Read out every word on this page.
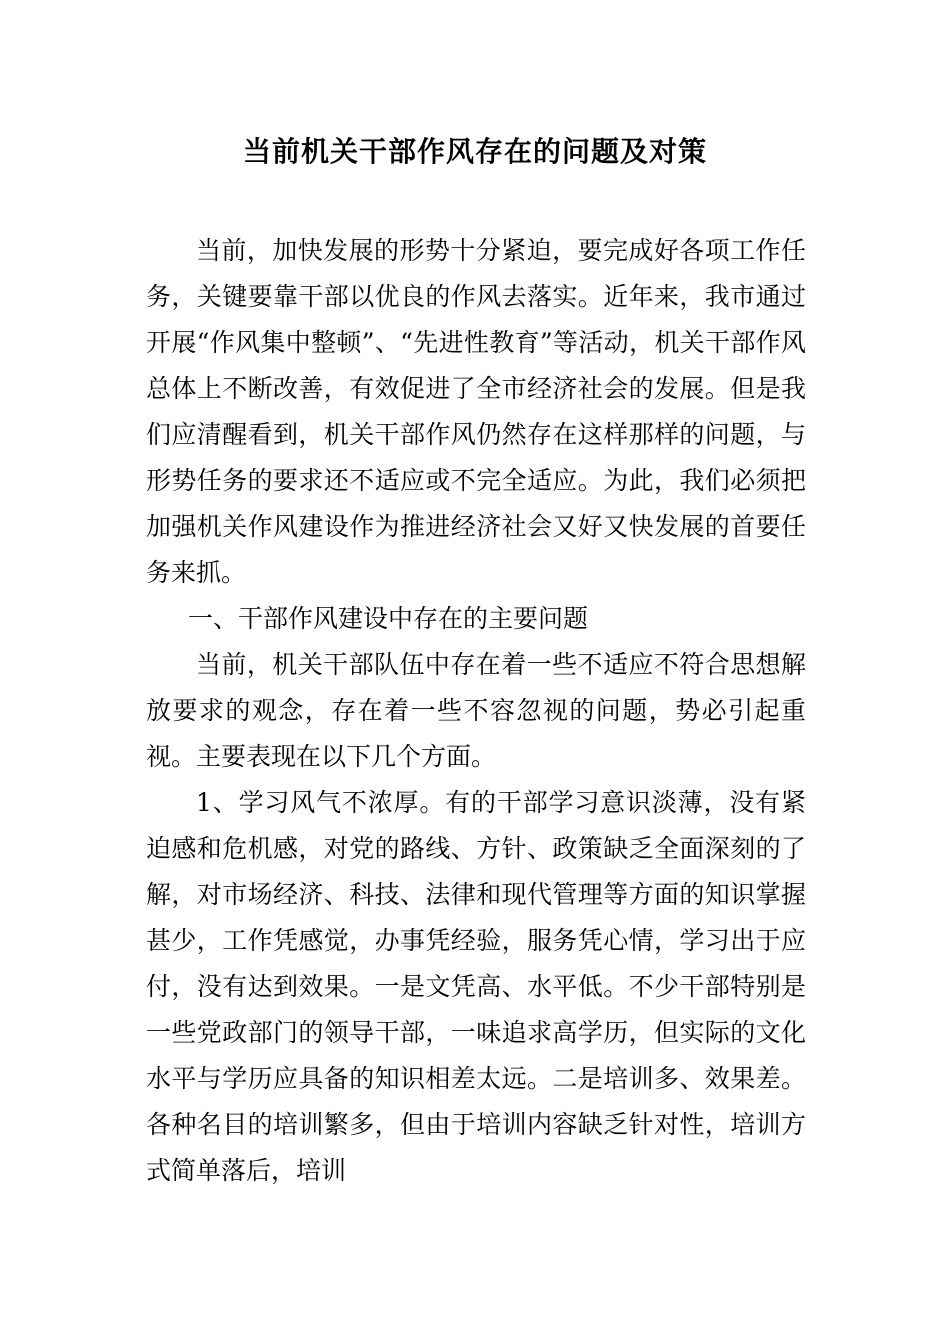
当前机关干部作风存在的问题及对策

当前，加快发展的形势十分紧迫，要完成好各项工作任务，关键要靠干部以优良的作风去落实。近年来，我市通过开展“作风集中整顿”、“先进性教育”等活动，机关干部作风总体上不断改善，有效促进了全市经济社会的发展。但是我们应清醒看到，机关干部作风仍然存在这样那样的问题，与形势任务的要求还不适应或不完全适应。为此，我们必须把加强机关作风建设作为推进经济社会又好又快发展的首要任务来抓。

一、干部作风建设中存在的主要问题

当前，机关干部队伍中存在着一些不适应不符合思想解放要求的观念，存在着一些不容忽视的问题，势必引起重视。主要表现在以下几个方面。

1、学习风气不浓厚。有的干部学习意识淡薄，没有紧迫感和危机感，对党的路线、方针、政策缺乏全面深刻的了解，对市场经济、科技、法律和现代管理等方面的知识掌握甚少，工作凭感觉，办事凭经验，服务凭心情，学习出于应付，没有达到效果。一是文凭高、水平低。不少干部特别是一些党政部门的领导干部，一味追求高学历，但实际的文化水平与学历应具备的知识相差太远。二是培训多、效果差。各种名目的培训繁多，但由于培训内容缺乏针对性，培训方式简单落后，培训
